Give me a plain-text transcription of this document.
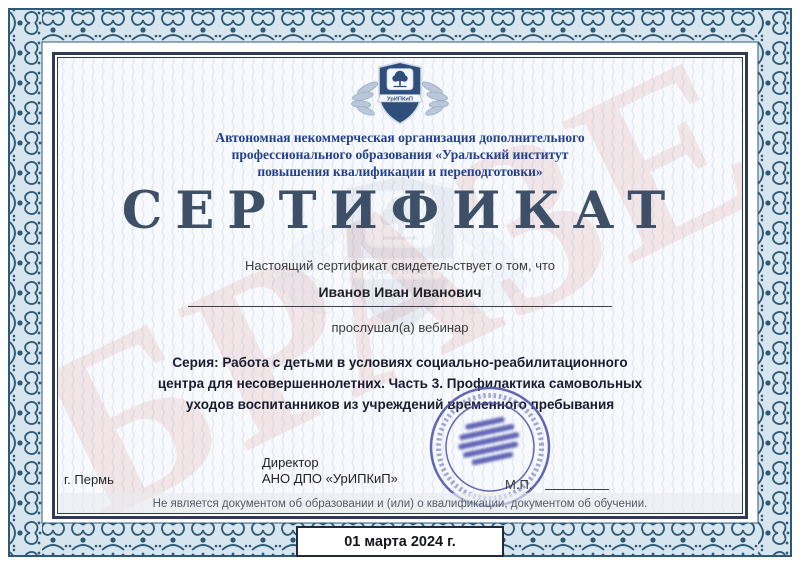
Автономная некоммерческая организация дополнительного
профессионального образования «Уральский институт
повышения квалификации и переподготовки»
СЕРТИФИКАТ
Настоящий сертификат свидетельствует о том, что
Иванов Иван Иванович
прослушал(а) вебинар
Серия: Работа с детьми в условиях социально-реабилитационного
центра для несовершеннолетних. Часть 3. Профилактика самовольных
уходов воспитанников из учреждений временного пребывания
г. Пермь
Директор
АНО ДПО «УрИПКиП»	М.П.
Не является документом об образовании и (или) о квалификации, документом об обучении.
01 марта 2024 г.
